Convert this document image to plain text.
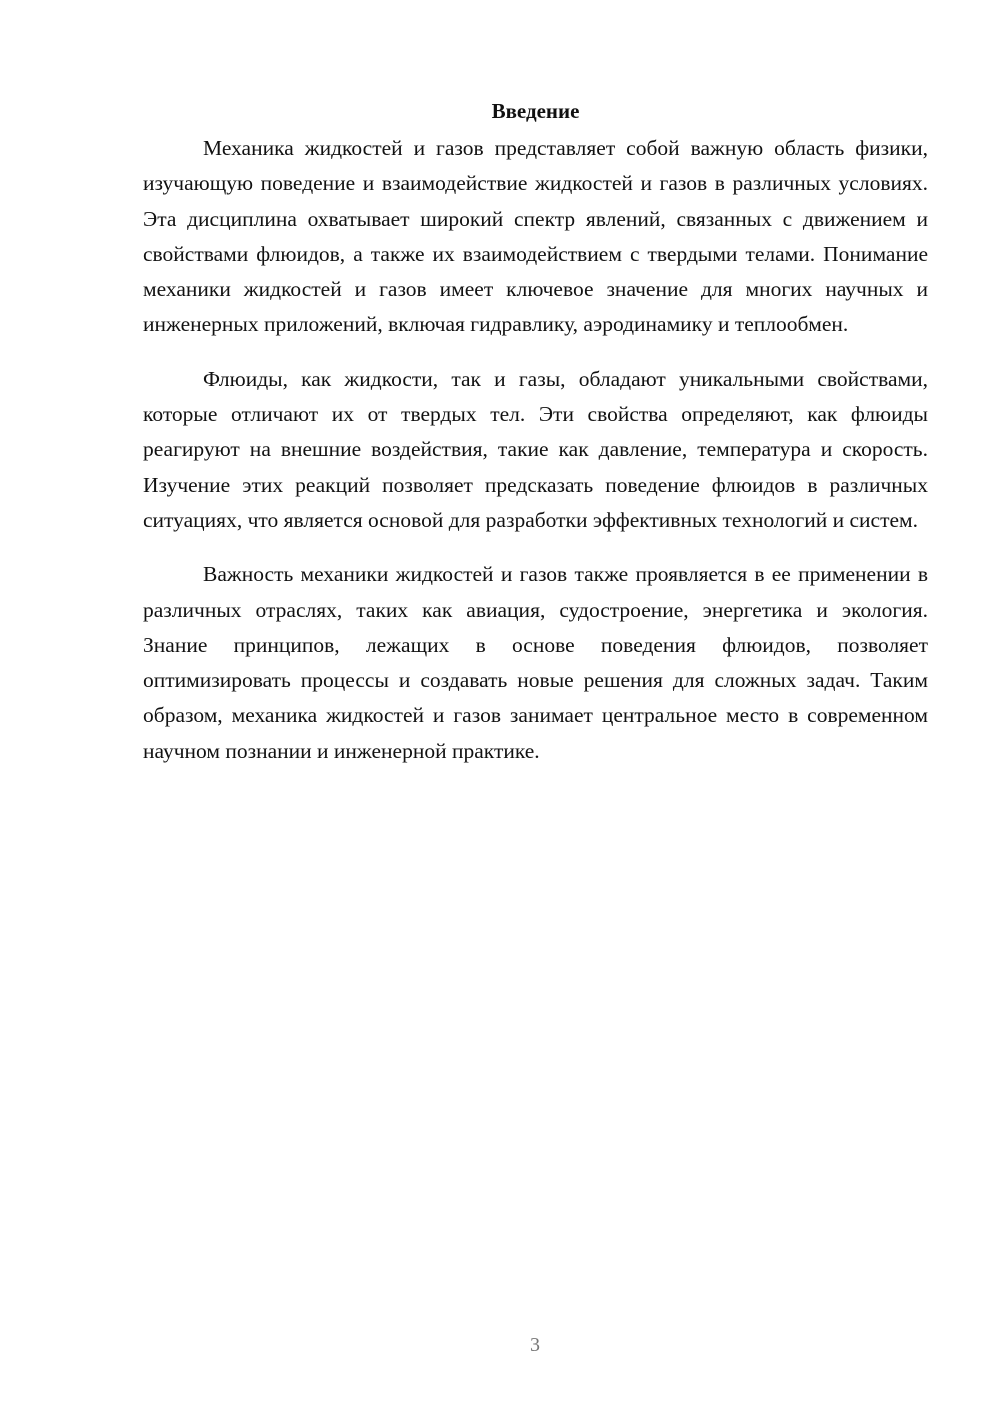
Введение

Механика жидкостей и газов представляет собой важную область физики, изучающую поведение и взаимодействие жидкостей и газов в различных условиях. Эта дисциплина охватывает широкий спектр явлений, связанных с движением и свойствами флюидов, а также их взаимодействием с твердыми телами. Понимание механики жидкостей и газов имеет ключевое значение для многих научных и инженерных приложений, включая гидравлику, аэродинамику и теплообмен.

Флюиды, как жидкости, так и газы, обладают уникальными свойствами, которые отличают их от твердых тел. Эти свойства определяют, как флюиды реагируют на внешние воздействия, такие как давление, температура и скорость. Изучение этих реакций позволяет предсказать поведение флюидов в различных ситуациях, что является основой для разработки эффективных технологий и систем.

Важность механики жидкостей и газов также проявляется в ее применении в различных отраслях, таких как авиация, судостроение, энергетика и экология. Знание принципов, лежащих в основе поведения флюидов, позволяет оптимизировать процессы и создавать новые решения для сложных задач. Таким образом, механика жидкостей и газов занимает центральное место в современном научном познании и инженерной практике.

3
